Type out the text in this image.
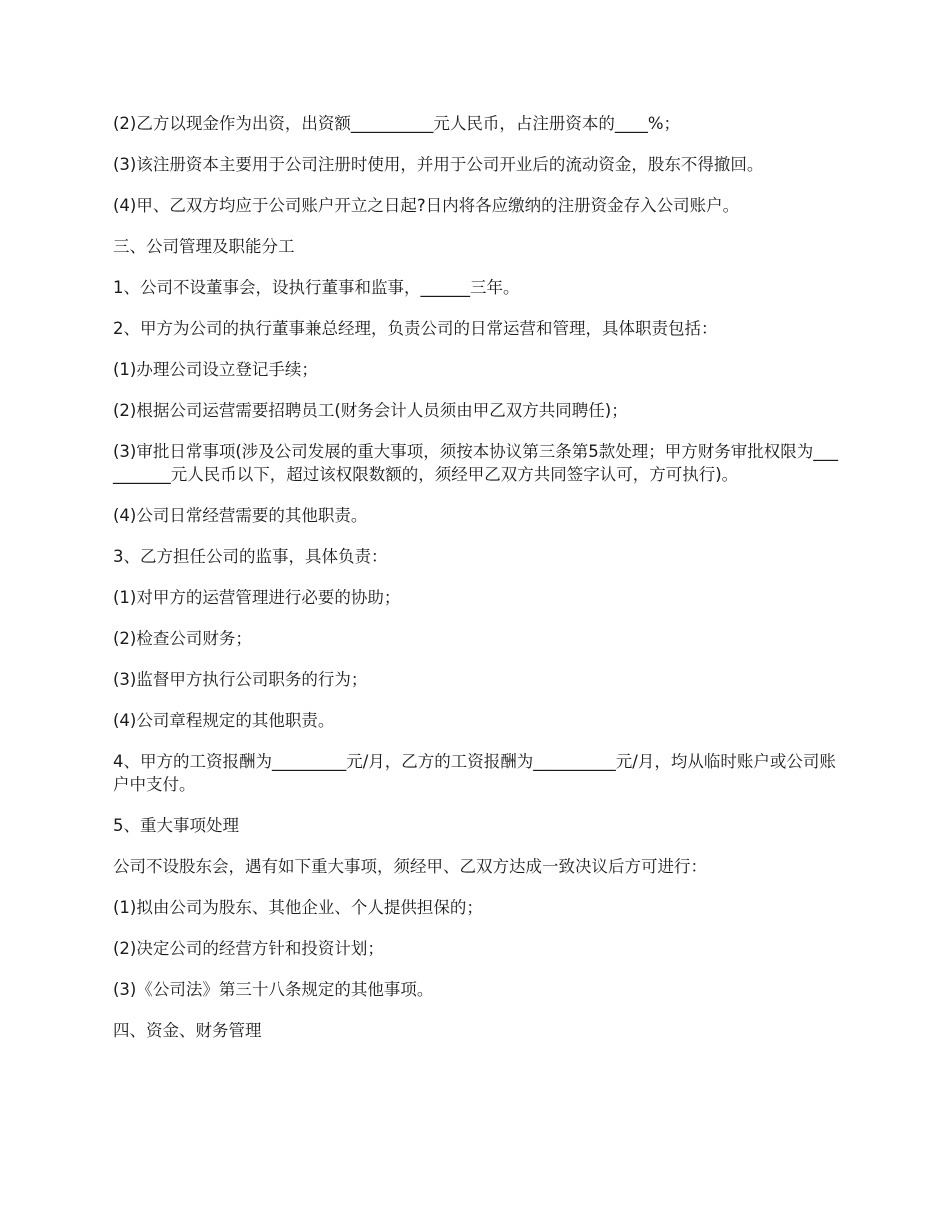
(2)乙方以现金作为出资，出资额__________元人民币，占注册资本的____%；

(3)该注册资本主要用于公司注册时使用，并用于公司开业后的流动资金，股东不得撤回。

(4)甲、乙双方均应于公司账户开立之日起?日内将各应缴纳的注册资金存入公司账户。

三、公司管理及职能分工

1、公司不设董事会，设执行董事和监事，______三年。

2、甲方为公司的执行董事兼总经理，负责公司的日常运营和管理，具体职责包括：

(1)办理公司设立登记手续；

(2)根据公司运营需要招聘员工(财务会计人员须由甲乙双方共同聘任)；

(3)审批日常事项(涉及公司发展的重大事项，须按本协议第三条第5款处理；甲方财务审批权限为__________元人民币以下，超过该权限数额的，须经甲乙双方共同签字认可，方可执行)。

(4)公司日常经营需要的其他职责。

3、乙方担任公司的监事，具体负责：

(1)对甲方的运营管理进行必要的协助；

(2)检查公司财务；

(3)监督甲方执行公司职务的行为；

(4)公司章程规定的其他职责。

4、甲方的工资报酬为_________元/月，乙方的工资报酬为__________元/月，均从临时账户或公司账户中支付。

5、重大事项处理

公司不设股东会，遇有如下重大事项，须经甲、乙双方达成一致决议后方可进行：

(1)拟由公司为股东、其他企业、个人提供担保的；

(2)决定公司的经营方针和投资计划；

(3)《公司法》第三十八条规定的其他事项。

四、资金、财务管理
